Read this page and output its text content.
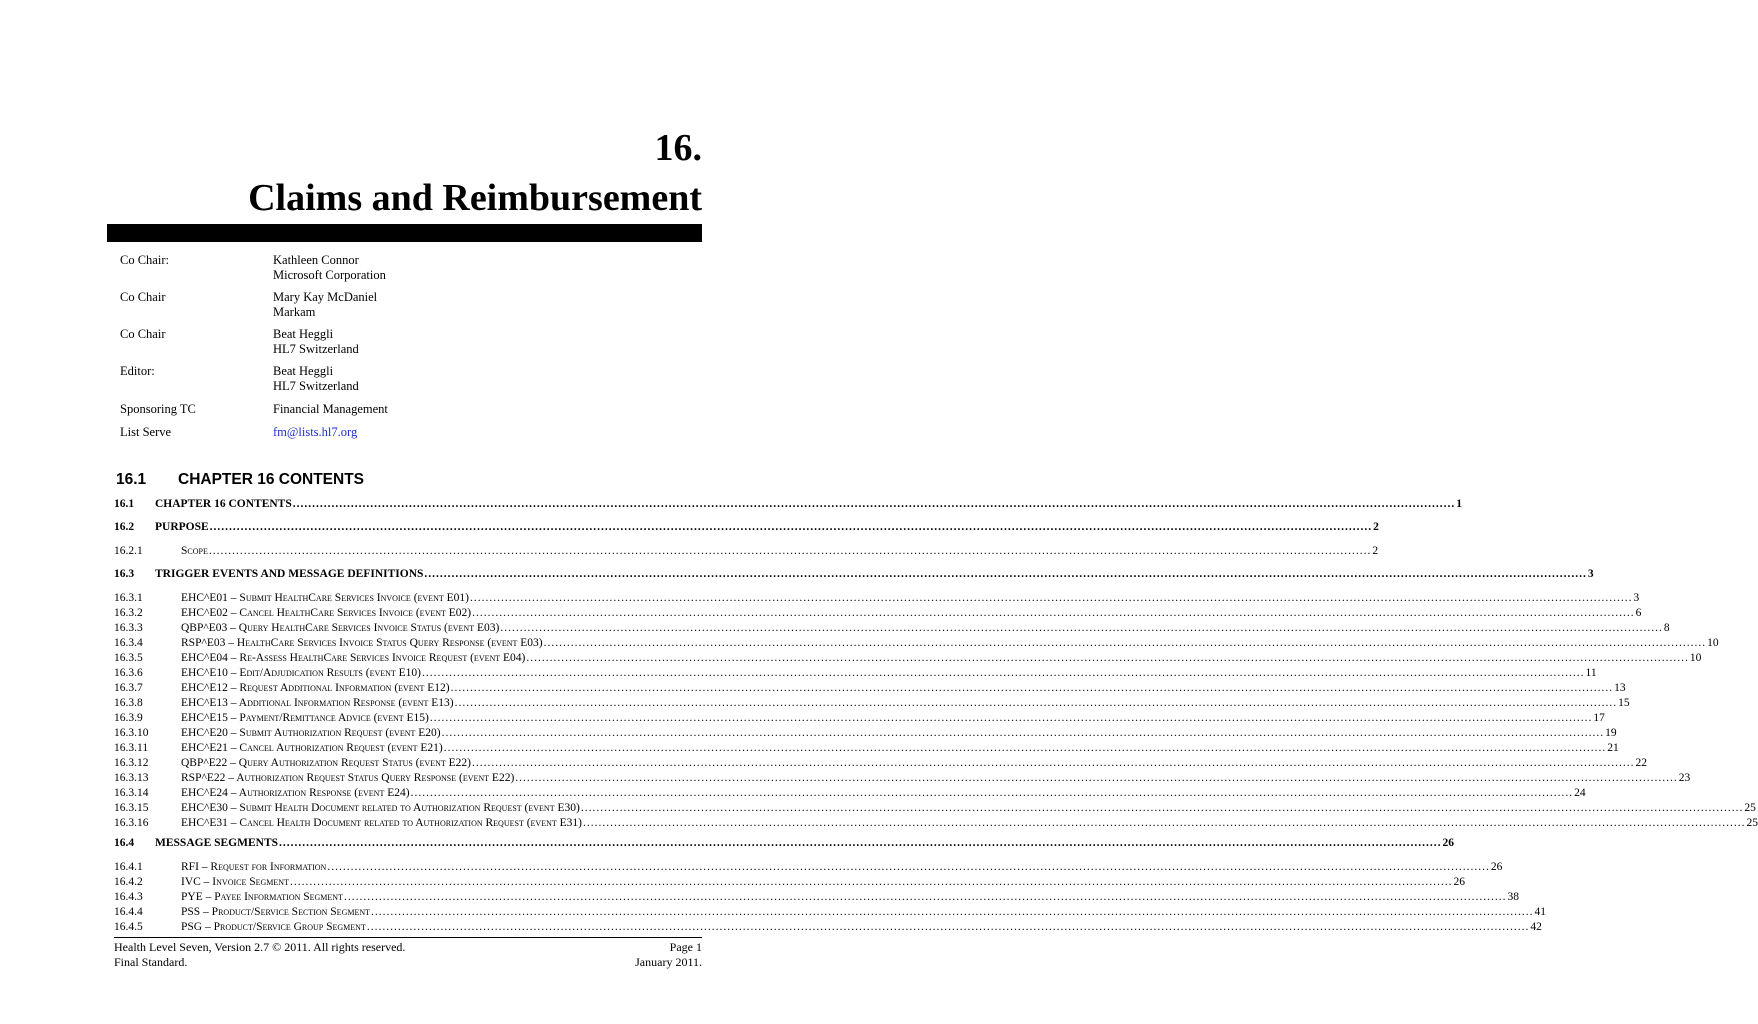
16.
Claims and Reimbursement
Co Chair:	Kathleen Connor
Microsoft Corporation
Co Chair	Mary Kay McDaniel
Markam
Co Chair	Beat Heggli
HL7 Switzerland
Editor:	Beat Heggli
HL7 Switzerland
Sponsoring TC	Financial Management
List Serve	fm@lists.hl7.org
16.1 CHAPTER 16 CONTENTS
16.1 CHAPTER 16 CONTENTS ............................................................................................................................................................................................................................................................................................................ 1
16.2 PURPOSE ............................................................................................................................................................................................................................................................................................................ 2
16.2.1	Scope ............................................................................................................................................................................................................................................................................................................ 2
16.3 TRIGGER EVENTS AND MESSAGE DEFINITIONS ............................................................................................................................................................................................................................................................................................................ 3
16.3.1	EHC^E01 – Submit HealthCare Services Invoice (event E01) ............................................................................................................................................................................................................................................................................................................ 3
16.3.2	EHC^E02 – Cancel HealthCare Services Invoice (event E02) ............................................................................................................................................................................................................................................................................................................ 6
16.3.3	QBP^E03 – Query HealthCare Services Invoice Status (event E03) ............................................................................................................................................................................................................................................................................................................ 8
16.3.4	RSP^E03 – HealthCare Services Invoice Status Query Response (event E03) ............................................................................................................................................................................................................................................................................................................ 10
16.3.5	EHC^E04 – Re-Assess HealthCare Services Invoice Request (event E04) ............................................................................................................................................................................................................................................................................................................ 10
16.3.6	EHC^E10 – Edit/Adjudication Results (event E10) ............................................................................................................................................................................................................................................................................................................ 11
16.3.7	EHC^E12 – Request Additional Information (event E12) ............................................................................................................................................................................................................................................................................................................ 13
16.3.8	EHC^E13 – Additional Information Response (event E13) ............................................................................................................................................................................................................................................................................................................ 15
16.3.9	EHC^E15 – Payment/Remittance Advice (event E15) ............................................................................................................................................................................................................................................................................................................ 17
16.3.10	EHC^E20 – Submit Authorization Request (event E20) ............................................................................................................................................................................................................................................................................................................ 19
16.3.11	EHC^E21 – Cancel Authorization Request (event E21) ............................................................................................................................................................................................................................................................................................................ 21
16.3.12	QBP^E22 – Query Authorization Request Status (event E22) ............................................................................................................................................................................................................................................................................................................ 22
16.3.13	RSP^E22 – Authorization Request Status Query Response (event E22) ............................................................................................................................................................................................................................................................................................................ 23
16.3.14	EHC^E24 – Authorization Response (event E24) ............................................................................................................................................................................................................................................................................................................ 24
16.3.15	EHC^E30 – Submit Health Document related to Authorization Request (event E30) ............................................................................................................................................................................................................................................................................................................ 25
16.3.16	EHC^E31 – Cancel Health Document related to Authorization Request (event E31) ............................................................................................................................................................................................................................................................................................................ 25
16.4 MESSAGE SEGMENTS ............................................................................................................................................................................................................................................................................................................ 26
16.4.1	RFI – Request for Information ............................................................................................................................................................................................................................................................................................................ 26
16.4.2	IVC – Invoice Segment ............................................................................................................................................................................................................................................................................................................ 26
16.4.3	PYE – Payee Information Segment ............................................................................................................................................................................................................................................................................................................ 38
16.4.4	PSS – Product/Service Section Segment ............................................................................................................................................................................................................................................................................................................ 41
16.4.5	PSG – Product/Service Group Segment ............................................................................................................................................................................................................................................................................................................ 42
Health Level Seven, Version 2.7 © 2011. All rights reserved.
Final Standard.
Page 1
January 2011.
